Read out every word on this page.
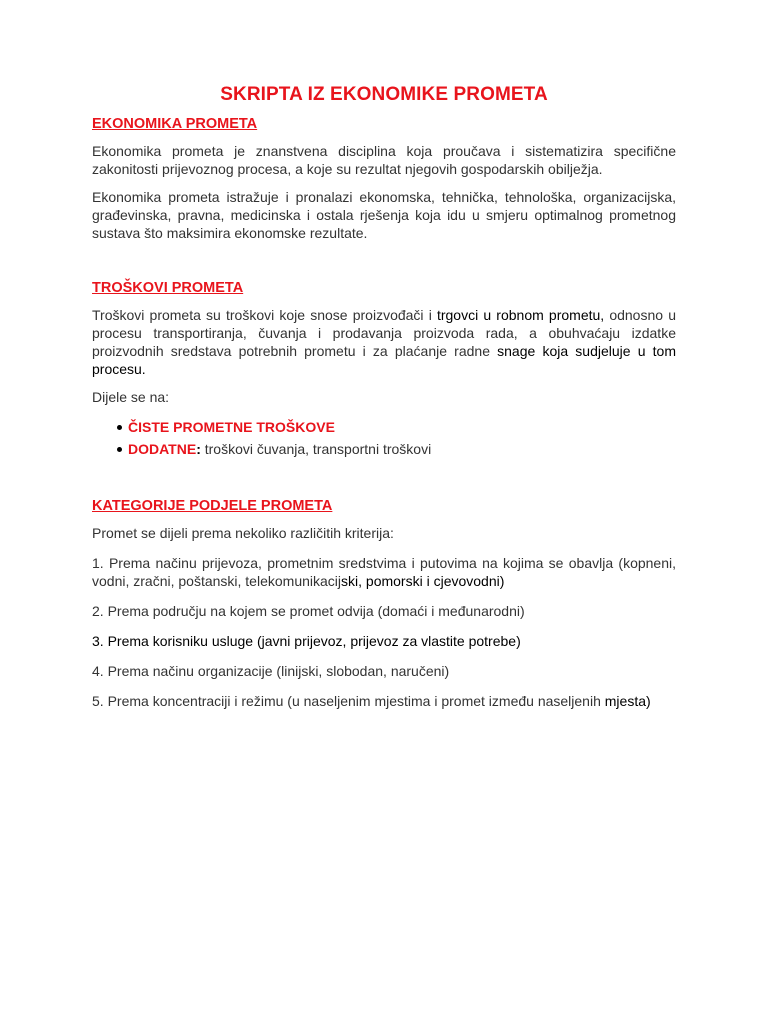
SKRIPTA IZ EKONOMIKE PROMETA
EKONOMIKA PROMETA

Ekonomika prometa je znanstvena disciplina koja proučava i sistematizira specifične zakonitosti prijevoznog procesa, a koje su rezultat njegovih gospodarskih obilježja.

Ekonomika prometa istražuje i pronalazi ekonomska, tehnička, tehnološka, organizacijska, građevinska, pravna, medicinska i ostala rješenja koja idu u smjeru optimalnog prometnog sustava što maksimira ekonomske rezultate.

TROŠKOVI PROMETA

Troškovi prometa su troškovi koje snose proizvođači i trgovci u robnom prometu, odnosno u procesu transportiranja, čuvanja i prodavanja proizvoda rada, a obuhvaćaju izdatke proizvodnih sredstava potrebnih prometu i za plaćanje radne snage koja sudjeluje u tom procesu.

Dijele se na:

ČISTE PROMETNE TROŠKOVE
DODATNE: troškovi čuvanja, transportni troškovi
KATEGORIJE PODJELE PROMETA

Promet se dijeli prema nekoliko različitih kriterija:

1. Prema načinu prijevoza, prometnim sredstvima i putovima na kojima se obavlja (kopneni, vodni, zračni, poštanski, telekomunikacijski, pomorski i cjevovodni)

2. Prema području na kojem se promet odvija (domaći i međunarodni)

3. Prema korisniku usluge (javni prijevoz, prijevoz za vlastite potrebe)

4. Prema načinu organizacije (linijski, slobodan, naručeni)

5. Prema koncentraciji i režimu (u naseljenim mjestima i promet između naseljenih mjesta)
